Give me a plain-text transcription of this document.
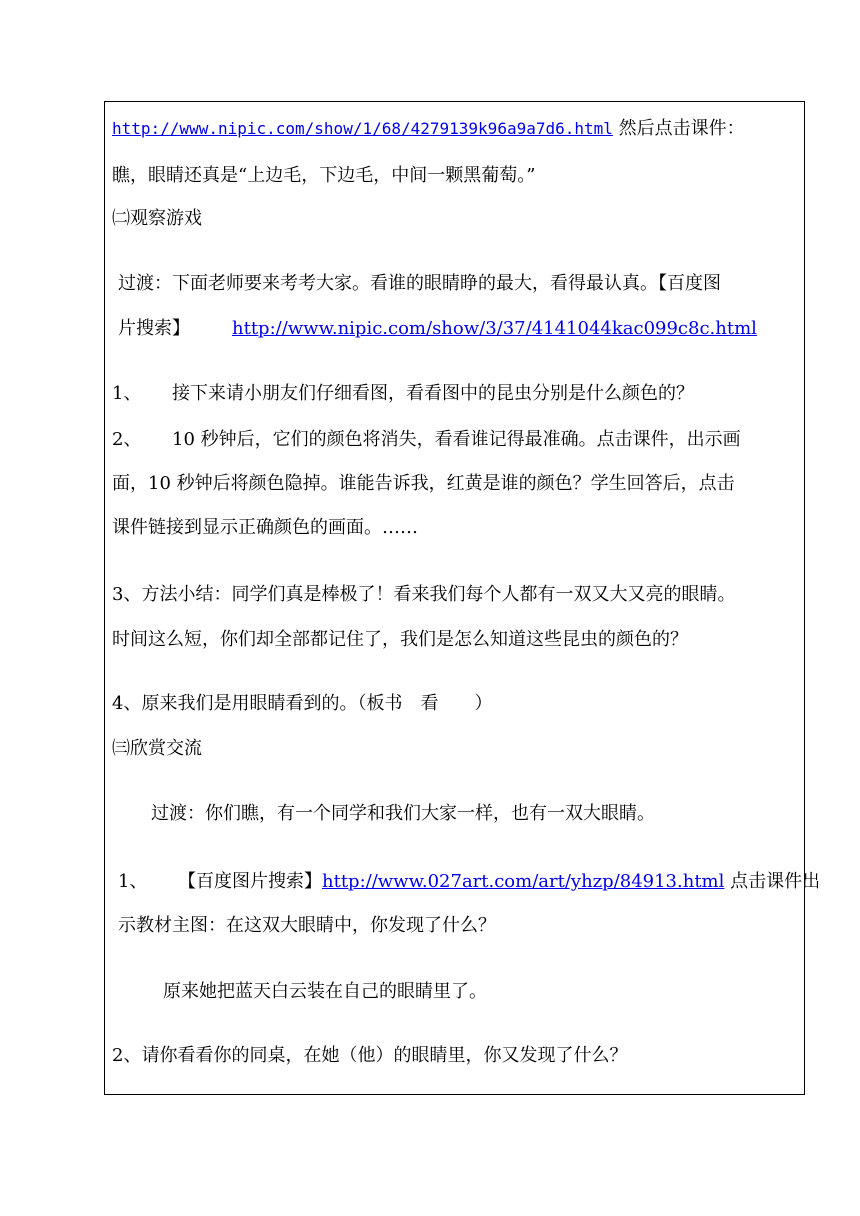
http://www.nipic.com/show/1/68/4279139k96a9a7d6.html 然后点击课件：
瞧，眼睛还真是“上边毛，下边毛，中间一颗黑葡萄。”
㈡观察游戏
过渡：下面老师要来考考大家。看谁的眼睛睁的最大，看得最认真。【百度图
片搜索】 http://www.nipic.com/show/3/37/4141044kac099c8c.html
1、 接下来请小朋友们仔细看图，看看图中的昆虫分别是什么颜色的？
2、 10 秒钟后，它们的颜色将消失，看看谁记得最准确。点击课件，出示画
面，10 秒钟后将颜色隐掉。谁能告诉我，红黄是谁的颜色？学生回答后，点击
课件链接到显示正确颜色的画面。……
3、方法小结：同学们真是棒极了！看来我们每个人都有一双又大又亮的眼睛。
时间这么短，你们却全部都记住了，我们是怎么知道这些昆虫的颜色的？
4、原来我们是用眼睛看到的。（板书　看　　）
㈢欣赏交流
过渡：你们瞧，有一个同学和我们大家一样，也有一双大眼睛。
1、 【百度图片搜索】http://www.027art.com/art/yhzp/84913.html 点击课件出
示教材主图：在这双大眼睛中，你发现了什么？
原来她把蓝天白云装在自己的眼睛里了。
2、请你看看你的同桌，在她（他）的眼睛里，你又发现了什么？
